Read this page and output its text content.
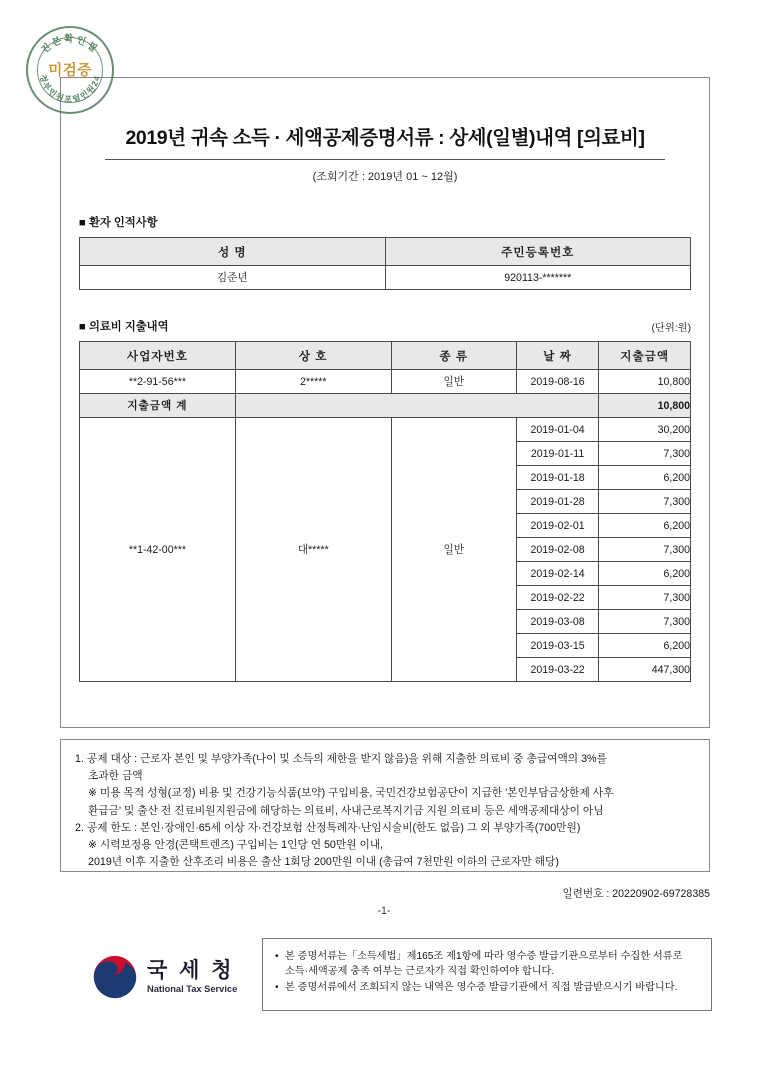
진본확인필
정부민원포털민원24
미검증
2019년 귀속 소득 · 세액공제증명서류 : 상세(일별)내역 [의료비]
(조회기간 : 2019년 01 ~ 12월)
■ 환자 인적사항
성 명	주민등록번호
김준년	920113-*******
■ 의료비 지출내역	(단위:원)
사업자번호	상 호	종 류	날 짜	지출금액
**2-91-56***	2*****	일반	2019-08-16	10,800
지출금액 계				10,800
**1-42-00***	대*****	일반	2019-01-04	30,200
			2019-01-11	7,300
			2019-01-18	6,200
			2019-01-28	7,300
			2019-02-01	6,200
			2019-02-08	7,300
			2019-02-14	6,200
			2019-02-22	7,300
			2019-03-08	7,300
			2019-03-15	6,200
			2019-03-22	447,300
1. 공제 대상 : 근로자 본인 및 부양가족(나이 및 소득의 제한을 받지 않음)을 위해 지출한 의료비 중 총급여액의 3%를
초과한 금액
※ 미용 목적 성형(교정) 비용 및 건강기능식품(보약) 구입비용, 국민건강보험공단이 지급한 '본인부담금상한제 사후
환급금' 및 출산 전 진료비원지원금에 해당하는 의료비, 사내근로복지기금 지원 의료비 등은 세액공제대상이 아님
2. 공제 한도 : 본인·장애인·65세 이상 자·건강보험 산정특례자·난임시술비(한도 없음) 그 외 부양가족(700만원)
※ 시력보정용 안경(콘택트렌즈) 구입비는 1인당 연 50만원 이내,
2019년 이후 지출한 산후조리 비용은 출산 1회당 200만원 이내 (총급여 7천만원 이하의 근로자만 해당)
일련번호 : 20220902-69728385
-1-
국 세 청
National Tax Service
• 본 증명서류는「소득세법」제165조 제1항에 따라 영수증 발급기관으로부터 수집한 서류로
소득·세액공제 충족 여부는 근로자가 직접 확인하여야 합니다.
• 본 증명서류에서 조회되지 않는 내역은 영수증 발급기관에서 직접 발급받으시기 바랍니다.
